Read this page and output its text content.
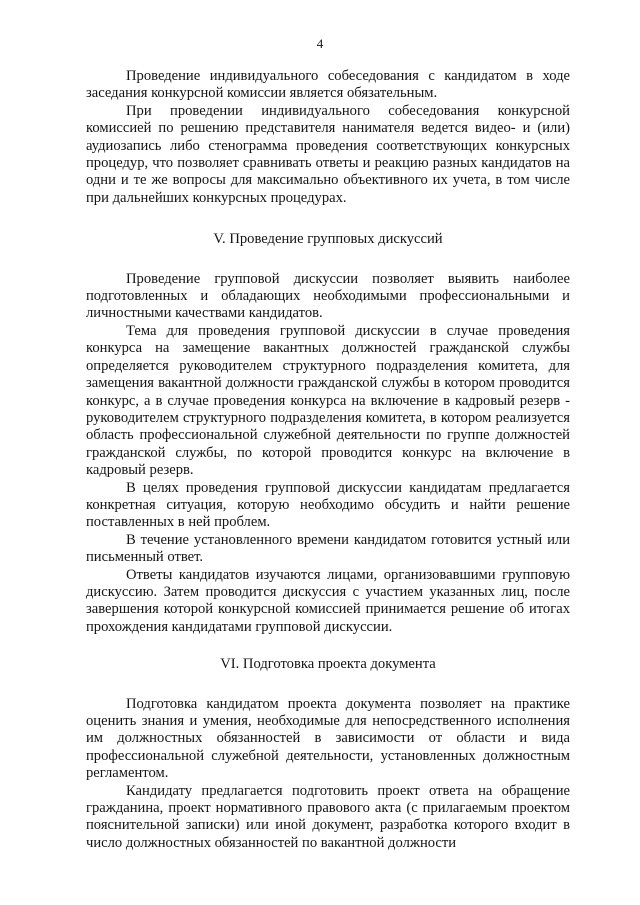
4

Проведение индивидуального собеседования с кандидатом в ходе заседания конкурсной комиссии является обязательным.

При проведении индивидуального собеседования конкурсной комиссией по решению представителя нанимателя ведется видео- и (или) аудиозапись либо стенограмма проведения соответствующих конкурсных процедур, что позволяет сравнивать ответы и реакцию разных кандидатов на одни и те же вопросы для максимально объективного их учета, в том числе при дальнейших конкурсных процедурах.

V. Проведение групповых дискуссий

Проведение групповой дискуссии позволяет выявить наиболее подготовленных и обладающих необходимыми профессиональными и личностными качествами кандидатов.

Тема для проведения групповой дискуссии в случае проведения конкурса на замещение вакантных должностей гражданской службы определяется руководителем структурного подразделения комитета, для замещения вакантной должности гражданской службы в котором проводится конкурс, а в случае проведения конкурса на включение в кадровый резерв - руководителем структурного подразделения комитета, в котором реализуется область профессиональной служебной деятельности по группе должностей гражданской службы, по которой проводится конкурс на включение в кадровый резерв.

В целях проведения групповой дискуссии кандидатам предлагается конкретная ситуация, которую необходимо обсудить и найти решение поставленных в ней проблем.

В течение установленного времени кандидатом готовится устный или письменный ответ.

Ответы кандидатов изучаются лицами, организовавшими групповую дискуссию. Затем проводится дискуссия с участием указанных лиц, после завершения которой конкурсной комиссией принимается решение об итогах прохождения кандидатами групповой дискуссии.

VI. Подготовка проекта документа

Подготовка кандидатом проекта документа позволяет на практике оценить знания и умения, необходимые для непосредственного исполнения им должностных обязанностей в зависимости от области и вида профессиональной служебной деятельности, установленных должностным регламентом.

Кандидату предлагается подготовить проект ответа на обращение гражданина, проект нормативного правового акта (с прилагаемым проектом пояснительной записки) или иной документ, разработка которого входит в число должностных обязанностей по вакантной должности
